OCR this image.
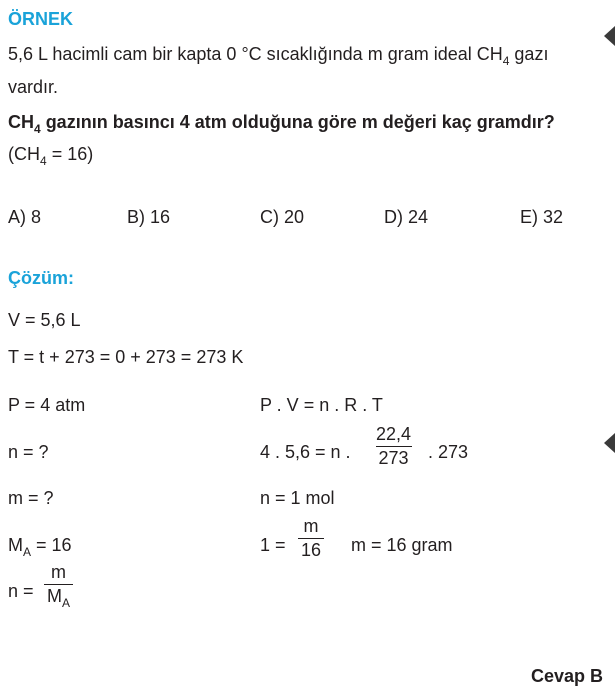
ÖRNEK
5,6 L hacimli cam bir kapta 0 °C sıcaklığında m gram ideal $CH_4$ gazı
vardır.
$CH_4$ gazının basıncı 4 atm olduğuna göre m değeri kaç gramdır?
$(CH_4 = 16)$
A) 8	B) 16	C) 20	D) 24	E) 32
Çözüm:
V = 5,6 L
T = t + 273 = 0 + 273 = 273 K
P = 4 atm
n = ?
m = ?
$M_A = 16$
$n = \frac{m}{M_A}$
P . V = n . R . T
4 . 5,6 = n . $\frac{22,4}{273}$ . 273
n = 1 mol
$1 = \frac{m}{16}$ m = 16 gram
Cevap B
